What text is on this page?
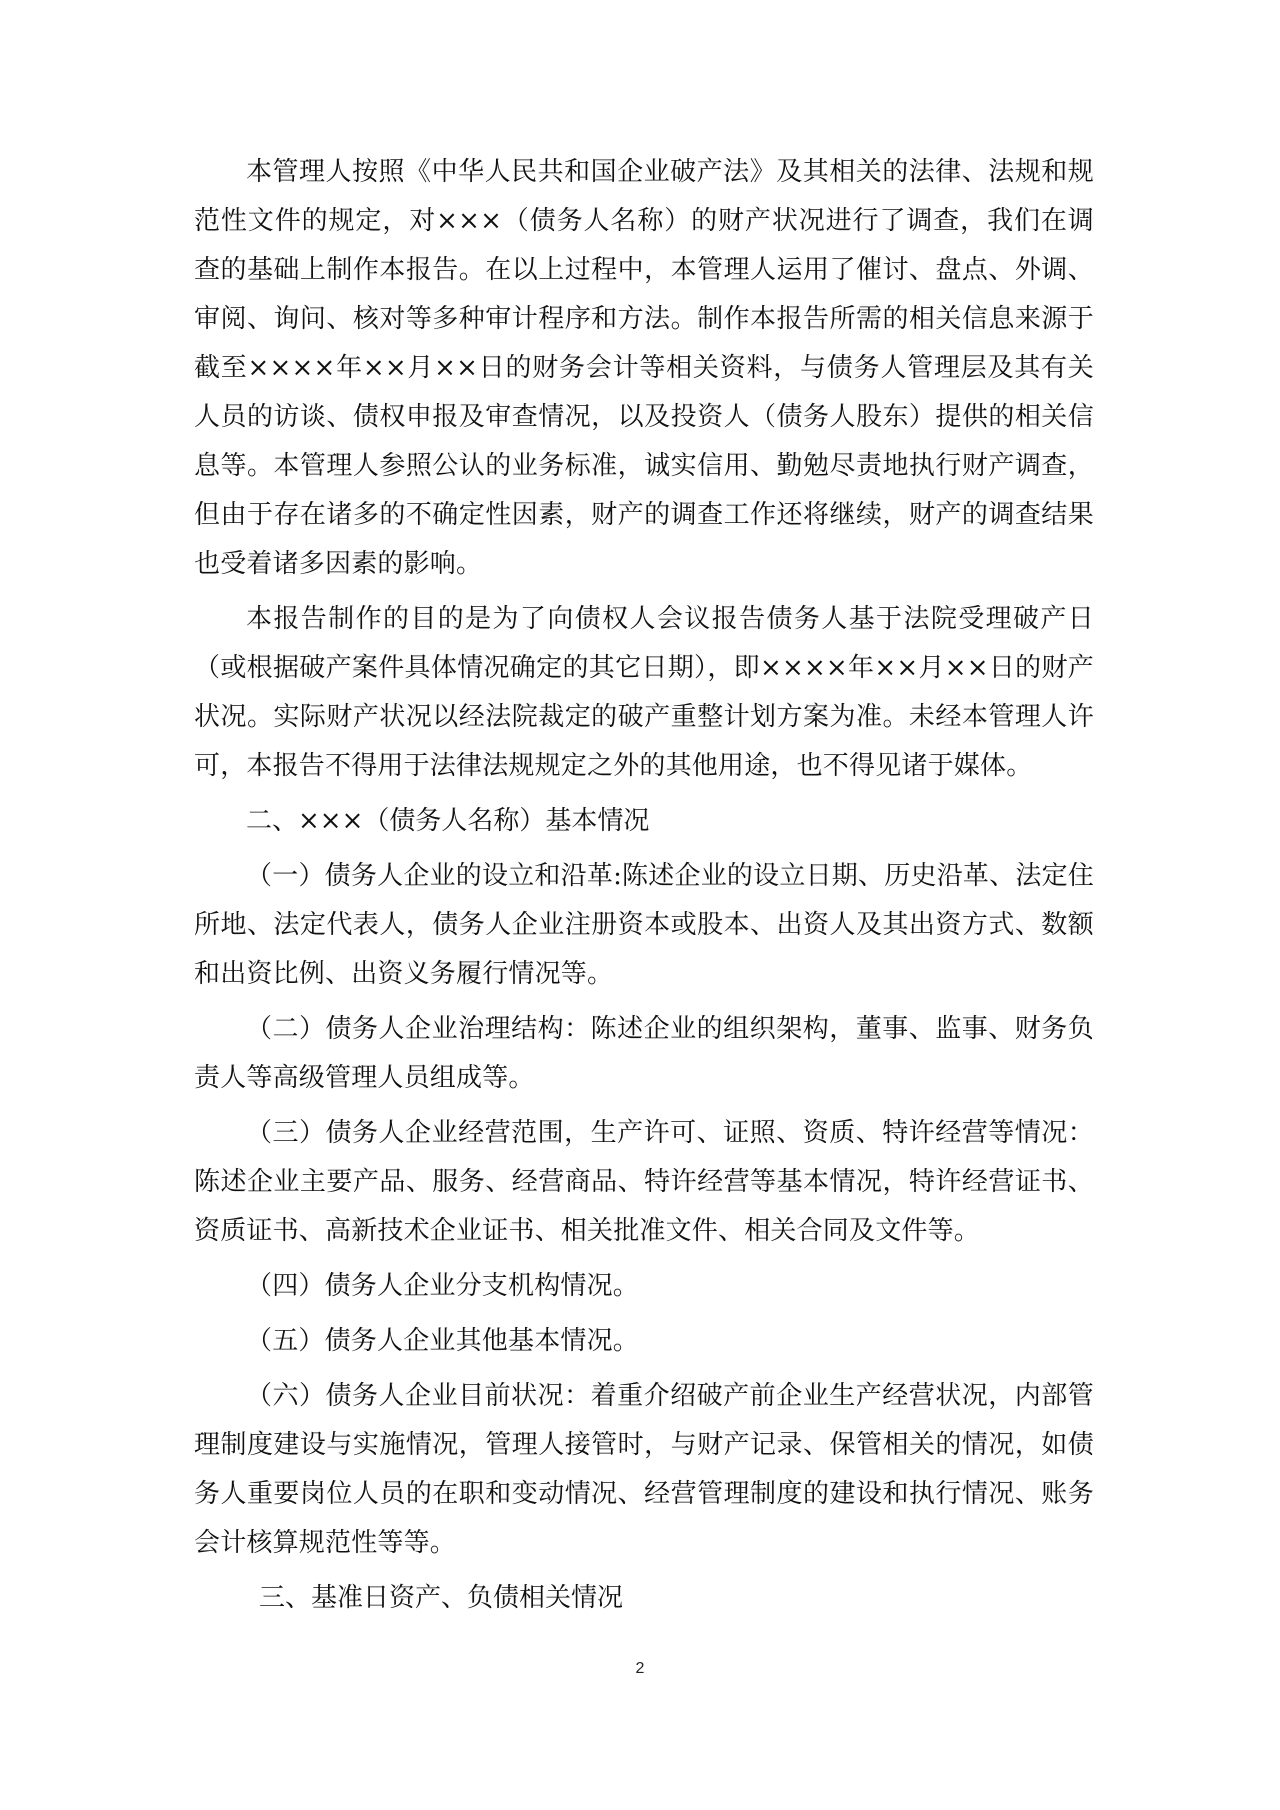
本管理人按照《中华人民共和国企业破产法》及其相关的法律、法规和规范性文件的规定，对×××（债务人名称）的财产状况进行了调查，我们在调查的基础上制作本报告。在以上过程中，本管理人运用了催讨、盘点、外调、审阅、询问、核对等多种审计程序和方法。制作本报告所需的相关信息来源于截至××××年××月××日的财务会计等相关资料，与债务人管理层及其有关人员的访谈、债权申报及审查情况，以及投资人（债务人股东）提供的相关信息等。本管理人参照公认的业务标准，诚实信用、勤勉尽责地执行财产调查，但由于存在诸多的不确定性因素，财产的调查工作还将继续，财产的调查结果也受着诸多因素的影响。

本报告制作的目的是为了向债权人会议报告债务人基于法院受理破产日（或根据破产案件具体情况确定的其它日期），即××××年××月××日的财产状况。实际财产状况以经法院裁定的破产重整计划方案为准。未经本管理人许可，本报告不得用于法律法规规定之外的其他用途，也不得见诸于媒体。

二、×××（债务人名称）基本情况

（一）债务人企业的设立和沿革:陈述企业的设立日期、历史沿革、法定住所地、法定代表人，债务人企业注册资本或股本、出资人及其出资方式、数额和出资比例、出资义务履行情况等。

（二）债务人企业治理结构：陈述企业的组织架构，董事、监事、财务负责人等高级管理人员组成等。

（三）债务人企业经营范围，生产许可、证照、资质、特许经营等情况：陈述企业主要产品、服务、经营商品、特许经营等基本情况，特许经营证书、资质证书、高新技术企业证书、相关批准文件、相关合同及文件等。

（四）债务人企业分支机构情况。

（五）债务人企业其他基本情况。

（六）债务人企业目前状况：着重介绍破产前企业生产经营状况，内部管理制度建设与实施情况，管理人接管时，与财产记录、保管相关的情况，如债务人重要岗位人员的在职和变动情况、经营管理制度的建设和执行情况、账务会计核算规范性等等。

三、基准日资产、负债相关情况

2
